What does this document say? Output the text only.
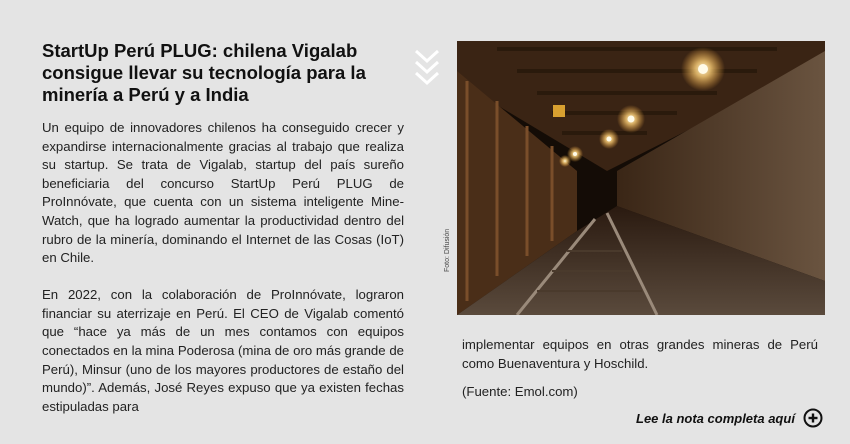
StartUp Perú PLUG: chilena Vigalab consigue llevar su tecnología para la minería a Perú y a India

Un equipo de innovadores chilenos ha conseguido crecer y expandirse internacionalmente gracias al trabajo que realiza su startup. Se trata de Vigalab, startup del país sureño beneficiaria del concurso StartUp Perú PLUG de ProInnóvate, que cuenta con un sistema inteligente Mine-Watch, que ha logrado aumentar la productividad dentro del rubro de la minería, dominando el Internet de las Cosas (IoT) en Chile.

En 2022, con la colaboración de ProInnóvate, lograron financiar su aterrizaje en Perú. El CEO de Vigalab comentó que “hace ya más de un mes contamos con equipos conectados en la mina Poderosa (mina de oro más grande de Perú), Minsur (uno de los mayores productores de estaño del mundo)”. Además, José Reyes expuso que ya existen fechas estipuladas para

Foto: Difusión

implementar equipos en otras grandes mineras de Perú como Buenaventura y Hoschild.

(Fuente: Emol.com)

Lee la nota completa aquí
